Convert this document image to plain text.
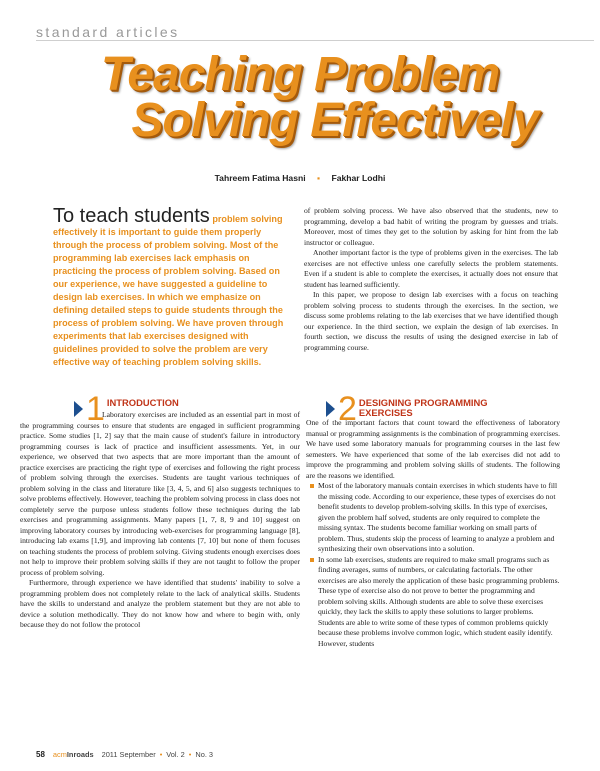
standard articles
Teaching Problem
Solving Effectively
Tahreem Fatima Hasni ▪ Fakhar Lodhi
To teach students problem solving effectively it is important to guide them properly through the process of problem solving. Most of the programming lab exercises lack emphasis on practicing the process of problem solving. Based on our experience, we have suggested a guideline to design lab exercises. In which we emphasize on defining detailed steps to guide students through the process of problem solving. We have proven through experiments that lab exercises designed with guidelines provided to solve the problem are very effective way of teaching problem solving skills.

of problem solving process. We have also observed that the students, new to programming, develop a bad habit of writing the program by guesses and trials. Moreover, most of times they get to the solution by asking for hint from the lab instructor or colleague.

Another important factor is the type of problems given in the exercises. The lab exercises are not effective unless one carefully selects the problem statements. Even if a student is able to complete the exercises, it actually does not ensure that student has learned sufficiently.

In this paper, we propose to design lab exercises with a focus on teaching problem solving process to students through the exercises. In the section, we discuss some problems relating to the lab exercises that we have identified though our experience. In the third section, we explain the design of lab exercises. In fourth section, we discuss the results of using the designed exercise in lab of programming course.

1 INTRODUCTION

Laboratory exercises are included as an essential part in most of the programming courses to ensure that students are engaged in sufficient programming practice. Some studies [1, 2] say that the main cause of student's failure in introductory programming courses is lack of practice and insufficient assessments. Yet, in our experience, we observed that two aspects that are more important than the amount of practice exercises are practicing the right type of exercises and following the right process of problem solving through the exercises. Students are taught various techniques of problem solving in the class and literature like [3, 4, 5, and 6] also suggests techniques to solve problems effectively. However, teaching the problem solving process in class does not completely serve the purpose unless students follow these techniques during the lab exercises and programming assignments. Many papers [1, 7, 8, 9 and 10] suggest on improving laboratory courses by introducing web-exercises for programming language [8], introducing lab exams [1,9], and improving lab contents [7, 10] but none of them focuses on teaching students the process of problem solving. Giving students enough exercises does not help to improve their problem solving skills if they are not taught to follow the proper process of problem solving.

Furthermore, through experience we have identified that students' inability to solve a programming problem does not completely relate to the lack of analytical skills. Students have the skills to understand and analyze the problem statement but they are not able to device a solution methodically. They do not know how and where to begin with, only because they do not follow the protocol

2 DESIGNING PROGRAMMING
EXERCISES

One of the important factors that count toward the effectiveness of laboratory manual or programming assignments is the combination of programming exercises. We have used some laboratory manuals for programming courses in the last few semesters. We have experienced that some of the lab exercises did not add to improve the programming and problem solving skills of students. The following are the reasons we identified.

Most of the laboratory manuals contain exercises in which students have to fill the missing code. According to our experience, these types of exercises do not benefit students to develop problem-solving skills. In this type of exercises, given the problem half solved, students are only required to complete the missing syntax. The students become familiar working on small parts of problem. Thus, students skip the process of learning to analyze a problem and synthesizing their own observations into a solution.
In some lab exercises, students are required to make small programs such as finding averages, sums of numbers, or calculating factorials. The other exercises are also merely the application of these basic programming problems. These type of exercise also do not prove to better the programming and problem solving skills. Although students are able to solve these exercises quickly, they lack the skills to apply these solutions to larger problems. Students are able to write some of these types of common problems quickly because these problems involve common logic, which student easily identify. However, students
58 acmInroads 2011 September • Vol. 2 • No. 3
